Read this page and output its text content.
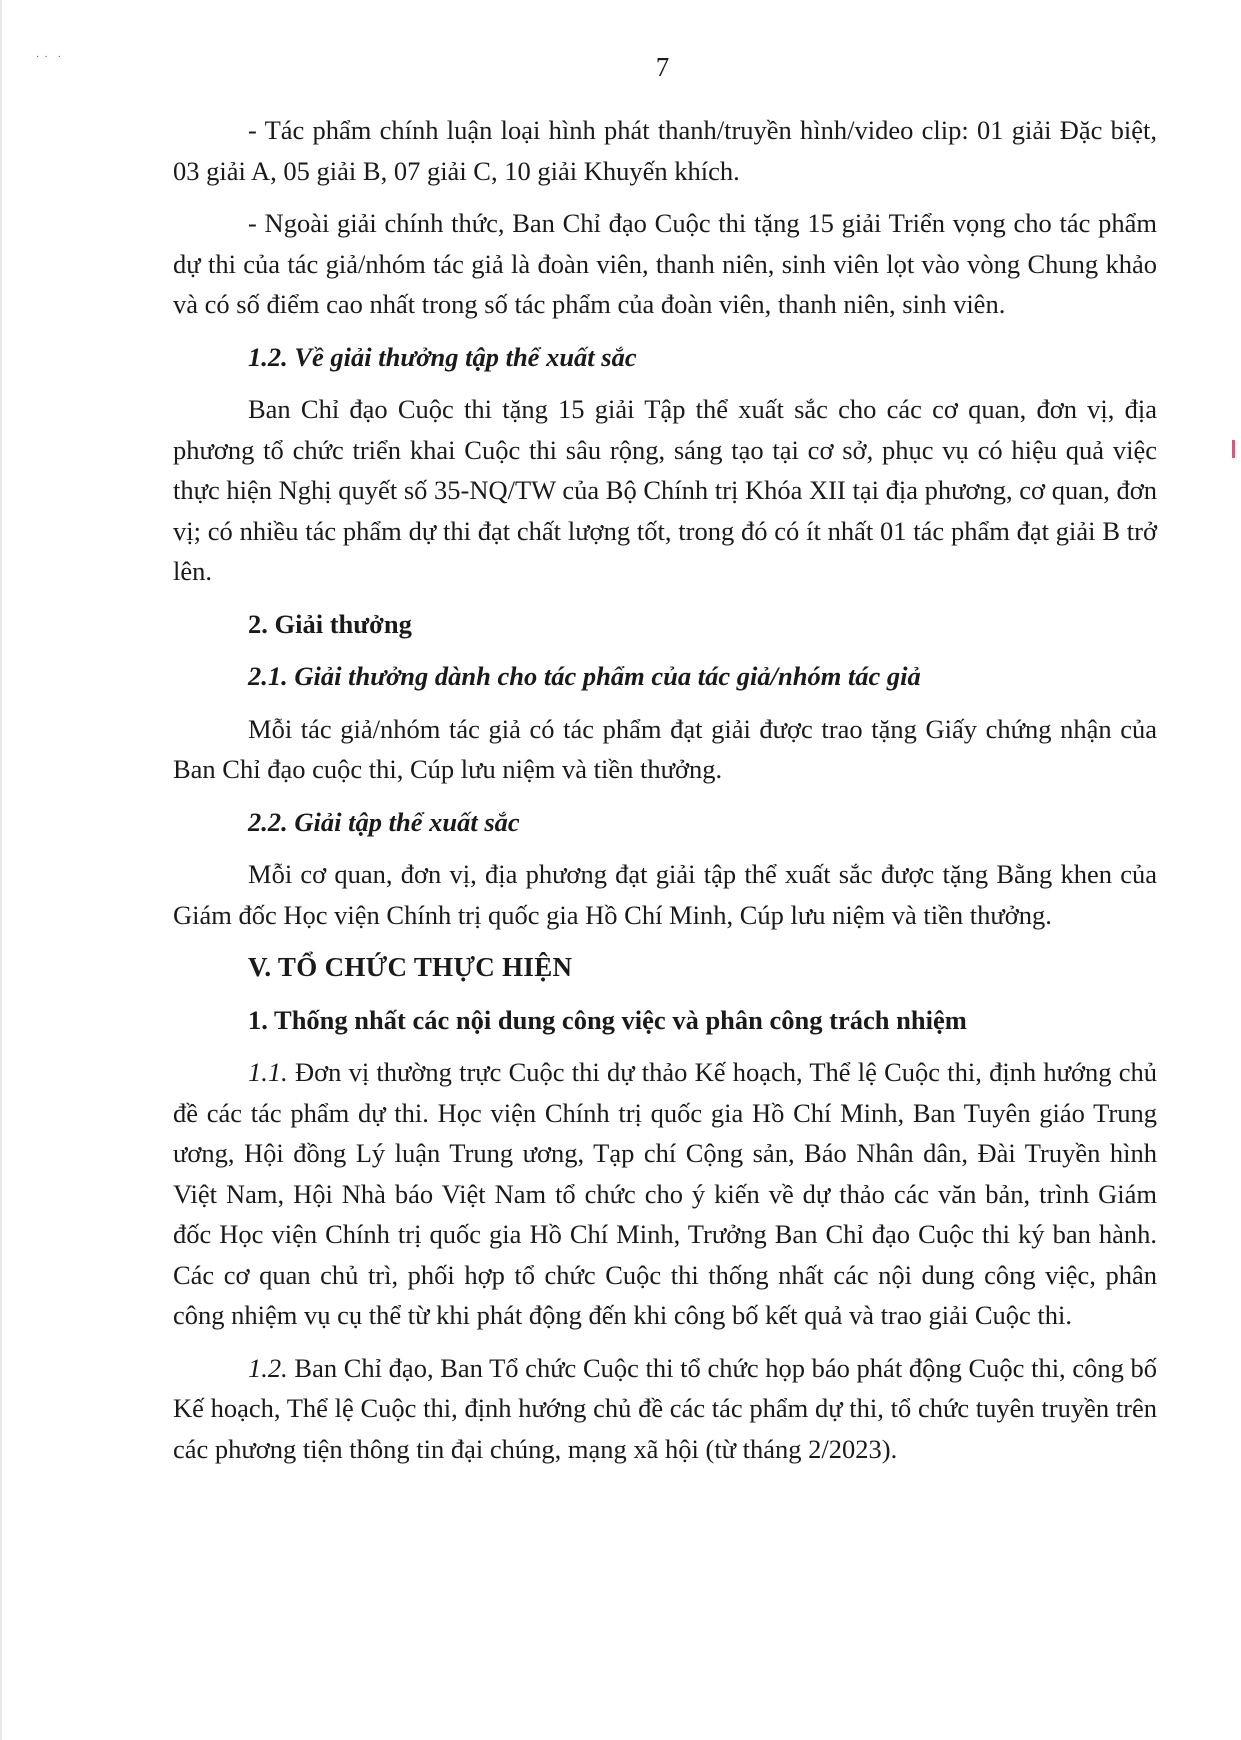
·  ·    ·	7

- Tác phẩm chính luận loại hình phát thanh/truyền hình/video clip: 01 giải Đặc biệt, 03 giải A, 05 giải B, 07 giải C, 10 giải Khuyến khích.

- Ngoài giải chính thức, Ban Chỉ đạo Cuộc thi tặng 15 giải Triển vọng cho tác phẩm dự thi của tác giả/nhóm tác giả là đoàn viên, thanh niên, sinh viên lọt vào vòng Chung khảo và có số điểm cao nhất trong số tác phẩm của đoàn viên, thanh niên, sinh viên.

1.2. Về giải thưởng tập thể xuất sắc

Ban Chỉ đạo Cuộc thi tặng 15 giải Tập thể xuất sắc cho các cơ quan, đơn vị, địa phương tổ chức triển khai Cuộc thi sâu rộng, sáng tạo tại cơ sở, phục vụ có hiệu quả việc thực hiện Nghị quyết số 35-NQ/TW của Bộ Chính trị Khóa XII tại địa phương, cơ quan, đơn vị; có nhiều tác phẩm dự thi đạt chất lượng tốt, trong đó có ít nhất 01 tác phẩm đạt giải B trở lên.

2. Giải thưởng

2.1. Giải thưởng dành cho tác phẩm của tác giả/nhóm tác giả

Mỗi tác giả/nhóm tác giả có tác phẩm đạt giải được trao tặng Giấy chứng nhận của Ban Chỉ đạo cuộc thi, Cúp lưu niệm và tiền thưởng.

2.2. Giải tập thể xuất sắc

Mỗi cơ quan, đơn vị, địa phương đạt giải tập thể xuất sắc được tặng Bằng khen của Giám đốc Học viện Chính trị quốc gia Hồ Chí Minh, Cúp lưu niệm và tiền thưởng.

V. TỔ CHỨC THỰC HIỆN

1. Thống nhất các nội dung công việc và phân công trách nhiệm

1.1. Đơn vị thường trực Cuộc thi dự thảo Kế hoạch, Thể lệ Cuộc thi, định hướng chủ đề các tác phẩm dự thi. Học viện Chính trị quốc gia Hồ Chí Minh, Ban Tuyên giáo Trung ương, Hội đồng Lý luận Trung ương, Tạp chí Cộng sản, Báo Nhân dân, Đài Truyền hình Việt Nam, Hội Nhà báo Việt Nam tổ chức cho ý kiến về dự thảo các văn bản, trình Giám đốc Học viện Chính trị quốc gia Hồ Chí Minh, Trưởng Ban Chỉ đạo Cuộc thi ký ban hành. Các cơ quan chủ trì, phối hợp tổ chức Cuộc thi thống nhất các nội dung công việc, phân công nhiệm vụ cụ thể từ khi phát động đến khi công bố kết quả và trao giải Cuộc thi.

1.2. Ban Chỉ đạo, Ban Tổ chức Cuộc thi tổ chức họp báo phát động Cuộc thi, công bố Kế hoạch, Thể lệ Cuộc thi, định hướng chủ đề các tác phẩm dự thi, tổ chức tuyên truyền trên các phương tiện thông tin đại chúng, mạng xã hội (từ tháng 2/2023).
